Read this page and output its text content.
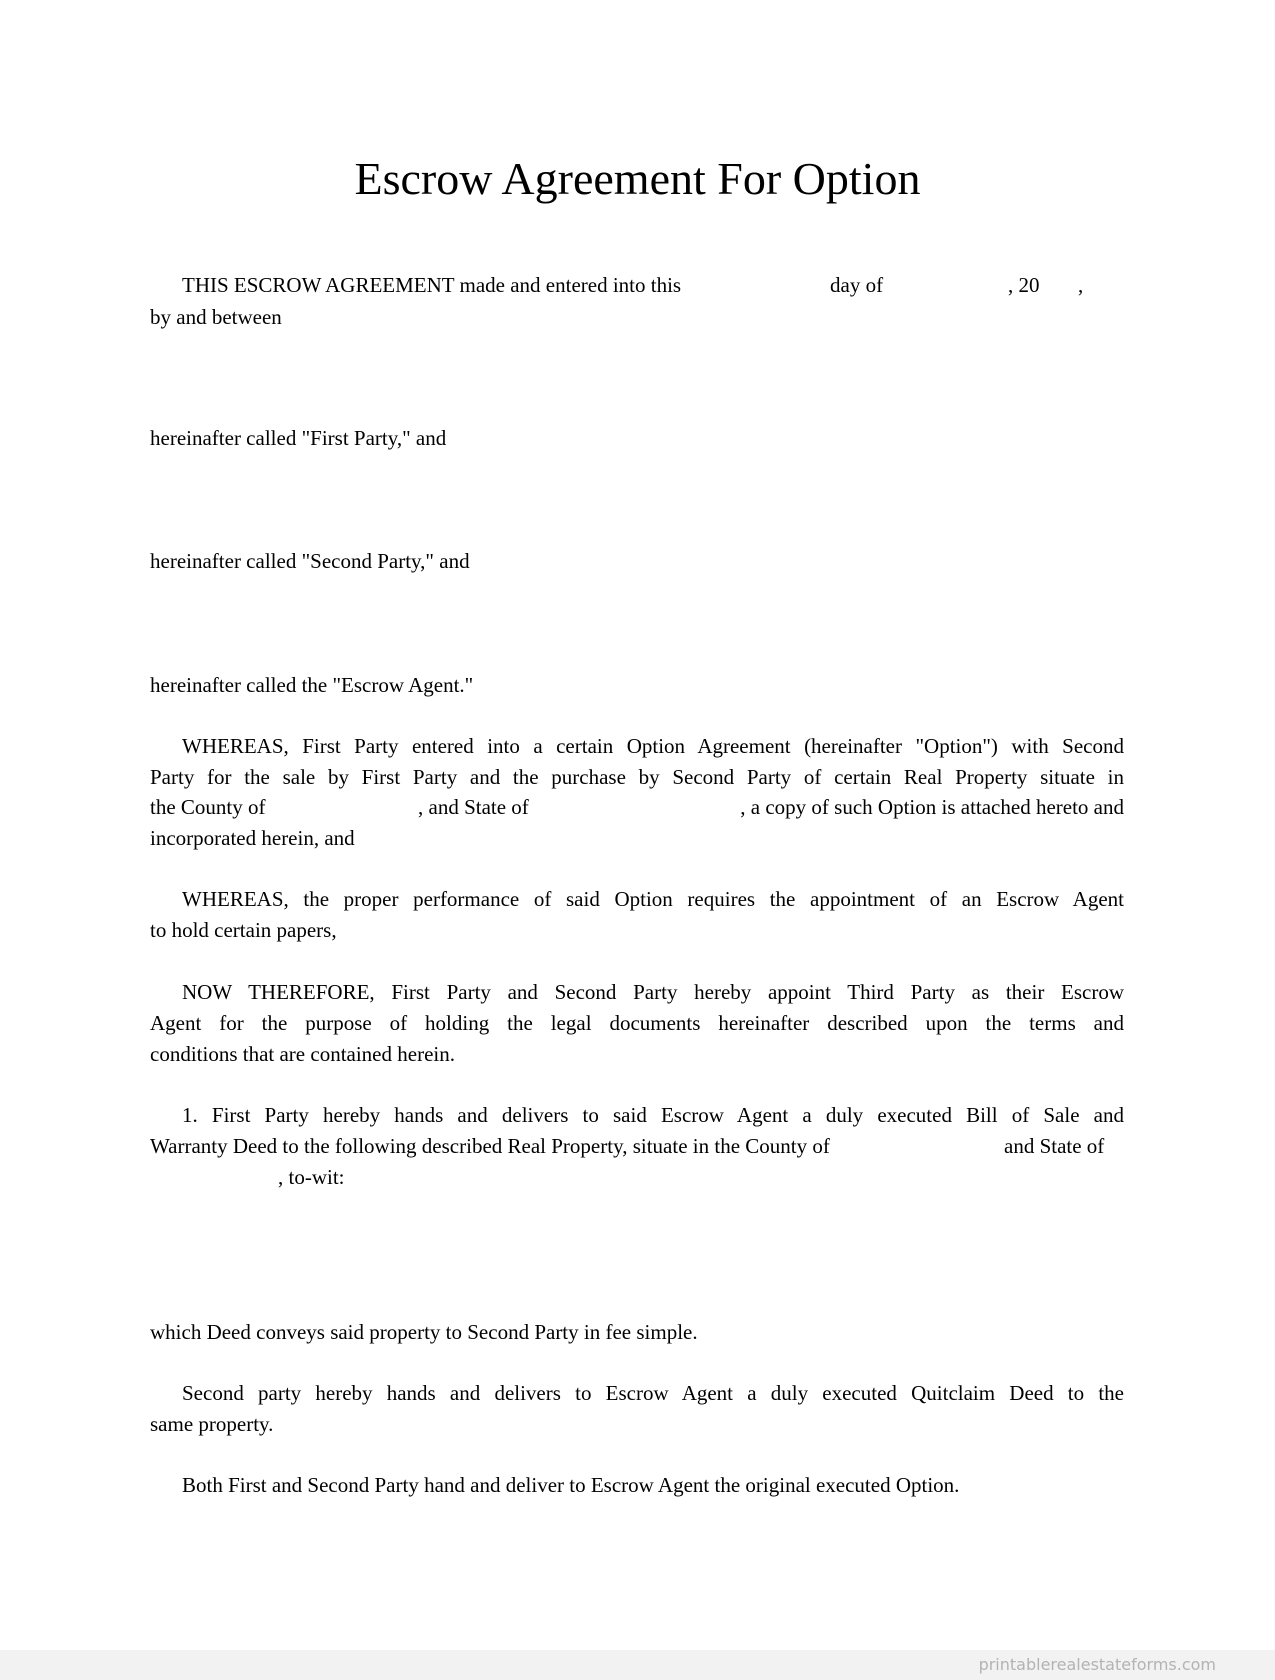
Escrow Agreement For Option
THIS ESCROW AGREEMENT made and entered into this	day of	, 20 ,
by and between
hereinafter called "First Party," and
hereinafter called "Second Party," and
hereinafter called the "Escrow Agent."
WHEREAS, First Party entered into a certain Option Agreement (hereinafter "Option") with Second
Party for the sale by First Party and the purchase by Second Party of certain Real Property situate in
the County of	, and State of	, a copy of such Option is attached hereto and
incorporated herein, and
WHEREAS, the proper performance of said Option requires the appointment of an Escrow Agent
to hold certain papers,
NOW THEREFORE, First Party and Second Party hereby appoint Third Party as their Escrow
Agent for the purpose of holding the legal documents hereinafter described upon the terms and
conditions that are contained herein.
1. First Party hereby hands and delivers to said Escrow Agent a duly executed Bill of Sale and
Warranty Deed to the following described Real Property, situate in the County of	and State of
, to-wit:
which Deed conveys said property to Second Party in fee simple.
Second party hereby hands and delivers to Escrow Agent a duly executed Quitclaim Deed to the
same property.
Both First and Second Party hand and deliver to Escrow Agent the original executed Option.
printablerealestateforms.com
